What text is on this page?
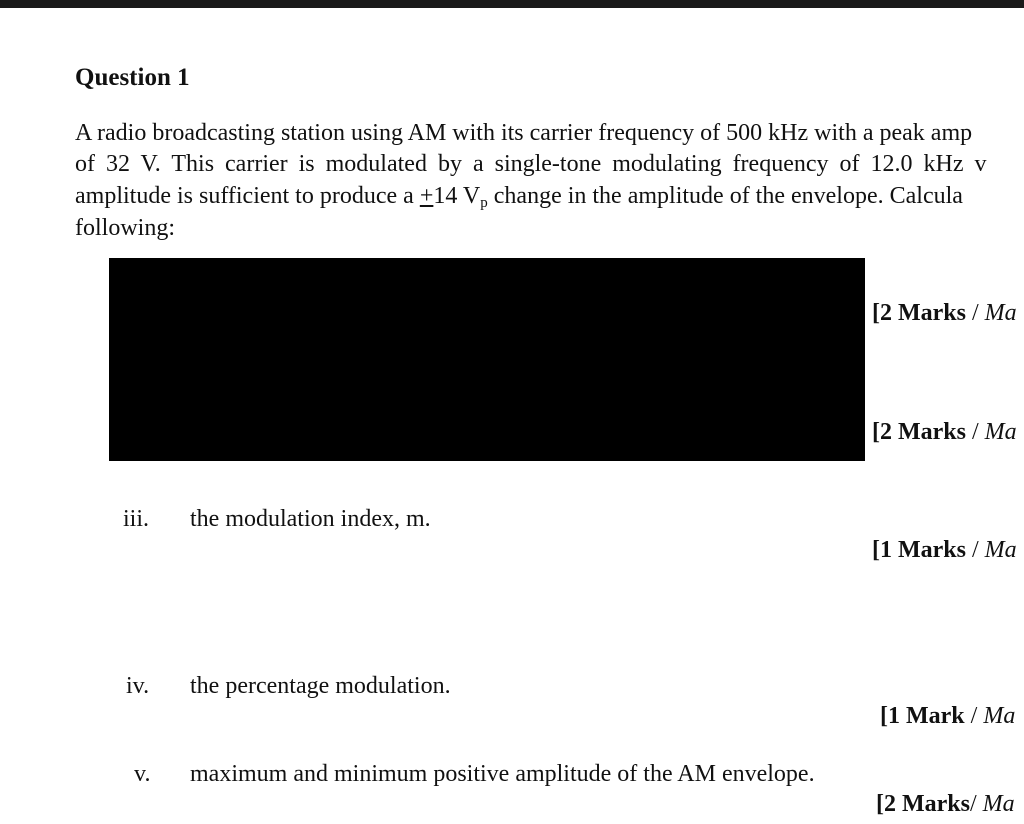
Question 1
A radio broadcasting station using AM with its carrier frequency of 500 kHz with a peak amp
of 32 V. This carrier is modulated by a single-tone modulating frequency of 12.0 kHz v
amplitude is sufficient to produce a +14 $V_p$ change in the amplitude of the envelope. Calcula
following:
[2 Marks / Ma
[2 Marks / Ma
iii. the modulation index, m.
[1 Marks / Ma
iv. the percentage modulation.
[1 Mark / Ma
v. maximum and minimum positive amplitude of the AM envelope.
[2 Marks/ Ma
